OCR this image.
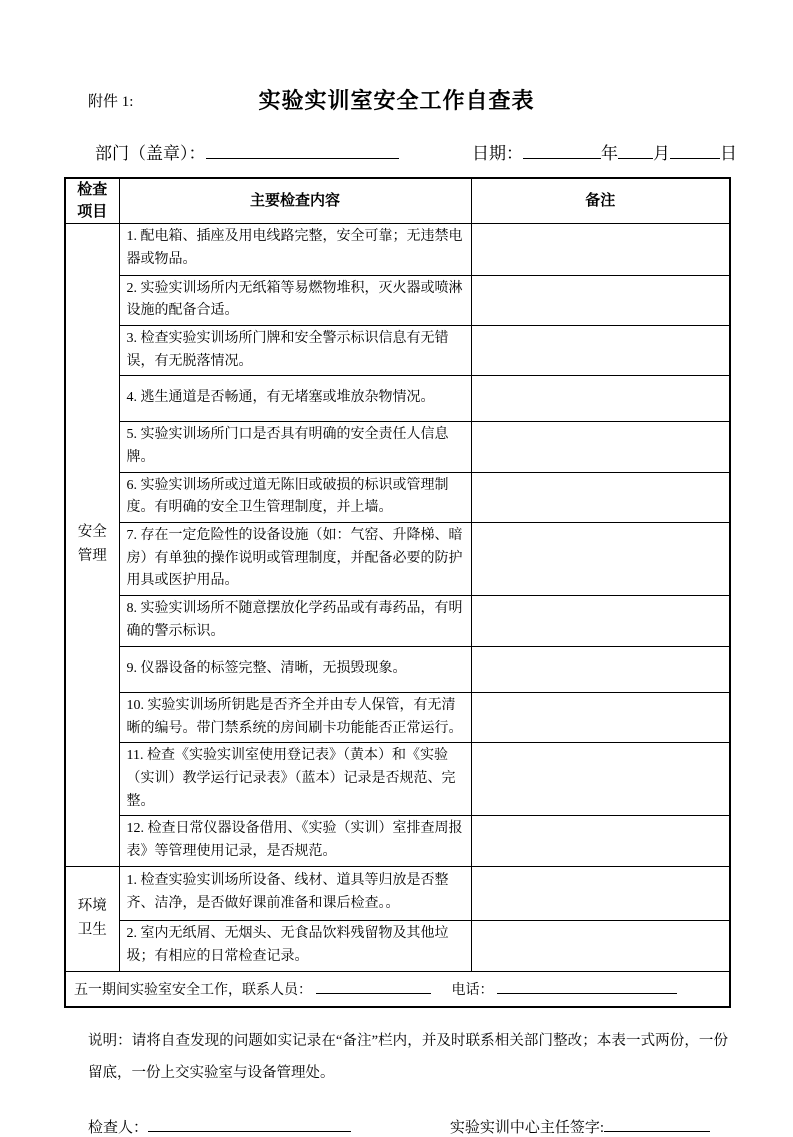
附件 1:	实验实训室安全工作自查表
部门（盖章）：	日期：	年 月	日
检查
项目	主要检查内容	备注

安全
管理	1. 配电箱、插座及用电线路完整，安全可靠；无违禁电器或物品。	
	2. 实验实训场所内无纸箱等易燃物堆积，灭火器或喷淋设施的配备合适。	
	3. 检查实验实训场所门牌和安全警示标识信息有无错误，有无脱落情况。	
	4. 逃生通道是否畅通，有无堵塞或堆放杂物情况。	
	5. 实验实训场所门口是否具有明确的安全责任人信息牌。	
	6. 实验实训场所或过道无陈旧或破损的标识或管理制度。有明确的安全卫生管理制度，并上墙。	
	7. 存在一定危险性的设备设施（如：气窑、升降梯、暗房）有单独的操作说明或管理制度，并配备必要的防护用具或医护用品。	
	8. 实验实训场所不随意摆放化学药品或有毒药品，有明确的警示标识。	
	9. 仪器设备的标签完整、清晰，无损毁现象。	
	10. 实验实训场所钥匙是否齐全并由专人保管，有无清晰的编号。带门禁系统的房间刷卡功能能否正常运行。	
	11. 检查《实验实训室使用登记表》（黄本）和《实验（实训）教学运行记录表》（蓝本）记录是否规范、完整。	
	12. 检查日常仪器设备借用、《实验（实训）室排查周报表》等管理使用记录，是否规范。	

环境
卫生	1. 检查实验实训场所设备、线材、道具等归放是否整齐、洁净，是否做好课前准备和课后检查。。	
	2. 室内无纸屑、无烟头、无食品饮料残留物及其他垃圾；有相应的日常检查记录。	
五一期间实验室安全工作，联系人员： 电话：		
说明：请将自查发现的问题如实记录在“备注”栏内，并及时联系相关部门整改；本表一式两份，一份留底，一份上交实验室与设备管理处。
检查人：	实验实训中心主任签字:
